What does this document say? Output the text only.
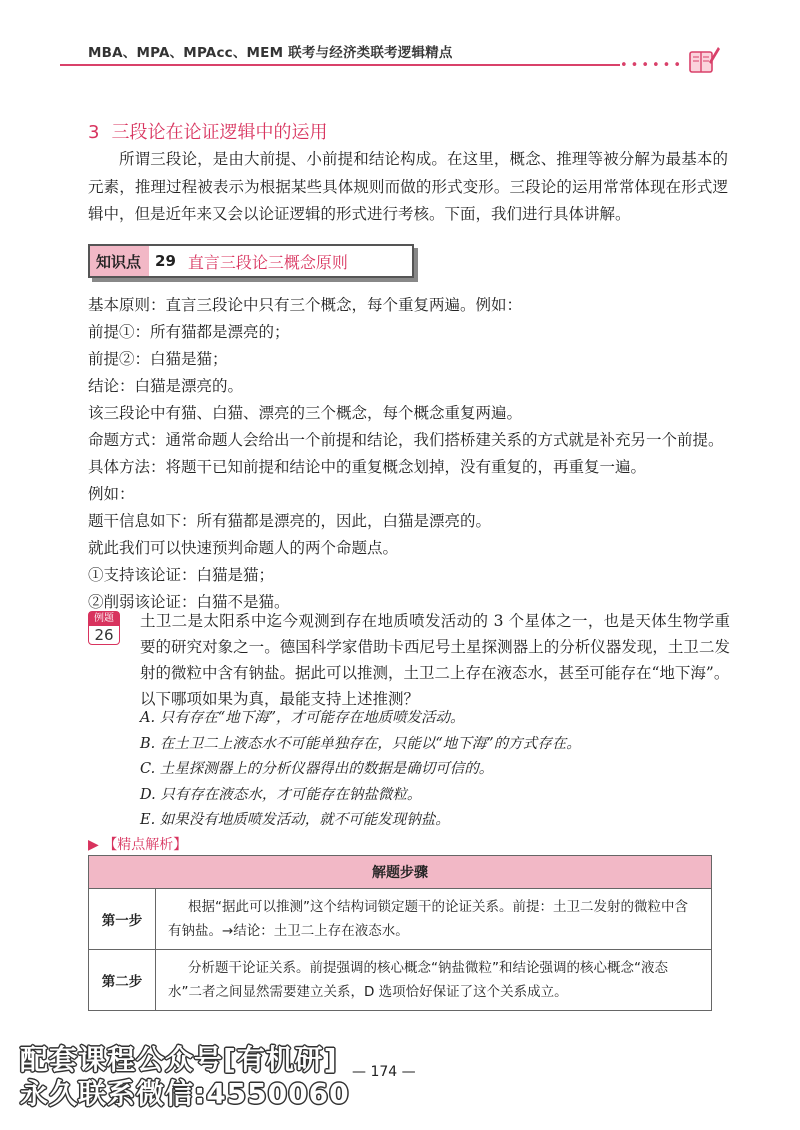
MBA、MPA、MPAcc、MEM 联考与经济类联考逻辑精点
••••••
3 三段论在论证逻辑中的运用
所谓三段论，是由大前提、小前提和结论构成。在这里，概念、推理等被分解为最基本的元素，推理过程被表示为根据某些具体规则而做的形式变形。三段论的运用常常体现在形式逻辑中，但是近年来又会以论证逻辑的形式进行考核。下面，我们进行具体讲解。
知识点 29 直言三段论三概念原则
基本原则：直言三段论中只有三个概念，每个重复两遍。例如：
前提①：所有猫都是漂亮的；
前提②：白猫是猫；
结论：白猫是漂亮的。
该三段论中有猫、白猫、漂亮的三个概念，每个概念重复两遍。
命题方式：通常命题人会给出一个前提和结论，我们搭桥建关系的方式就是补充另一个前提。
具体方法：将题干已知前提和结论中的重复概念划掉，没有重复的，再重复一遍。
例如：
题干信息如下：所有猫都是漂亮的，因此，白猫是漂亮的。
就此我们可以快速预判命题人的两个命题点。
①支持该论证：白猫是猫；
②削弱该论证：白猫不是猫。
例题
26
土卫二是太阳系中迄今观测到存在地质喷发活动的 3 个星体之一，也是天体生物学重要的研究对象之一。德国科学家借助卡西尼号土星探测器上的分析仪器发现，土卫二发射的微粒中含有钠盐。据此可以推测，土卫二上存在液态水，甚至可能存在“地下海”。
以下哪项如果为真，最能支持上述推测？
A. 只有存在“地下海”，才可能存在地质喷发活动。
B. 在土卫二上液态水不可能单独存在，只能以“地下海”的方式存在。
C. 土星探测器上的分析仪器得出的数据是确切可信的。
D. 只有存在液态水，才可能存在钠盐微粒。
E. 如果没有地质喷发活动，就不可能发现钠盐。
▶ 【精点解析】
解题步骤	
第一步	根据“据此可以推测”这个结构词锁定题干的论证关系。前提：土卫二发射的微粒中含有钠盐。→结论：土卫二上存在液态水。
第二步	分析题干论证关系。前提强调的核心概念“钠盐微粒”和结论强调的核心概念“液态水”二者之间显然需要建立关系，D 选项恰好保证了这个关系成立。
— 174 —
配套课程公众号[有机研]
永久联系微信:4550060
